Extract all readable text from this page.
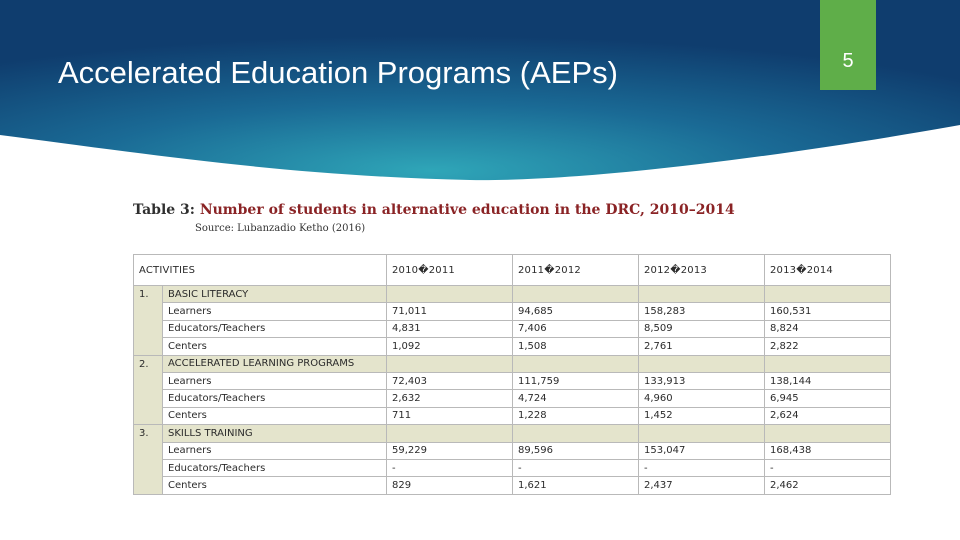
Accelerated Education Programs (AEPs)	5
Table 3: Number of students in alternative education in the DRC, 2010–2014
Source: Lubanzadio Ketho (2016)
ACTIVITIES		2010�2011	2011�2012	2012�2013	2013�2014
1.	BASIC LITERACY				
	Learners	71,011	94,685	158,283	160,531
	Educators/Teachers	4,831	7,406	8,509	8,824
	Centers	1,092	1,508	2,761	2,822
2.	ACCELERATED LEARNING PROGRAMS				
	Learners	72,403	111,759	133,913	138,144
	Educators/Teachers	2,632	4,724	4,960	6,945
	Centers	711	1,228	1,452	2,624
3.	SKILLS TRAINING				
	Learners	59,229	89,596	153,047	168,438
	Educators/Teachers	-	-	-	-
	Centers	829	1,621	2,437	2,462
